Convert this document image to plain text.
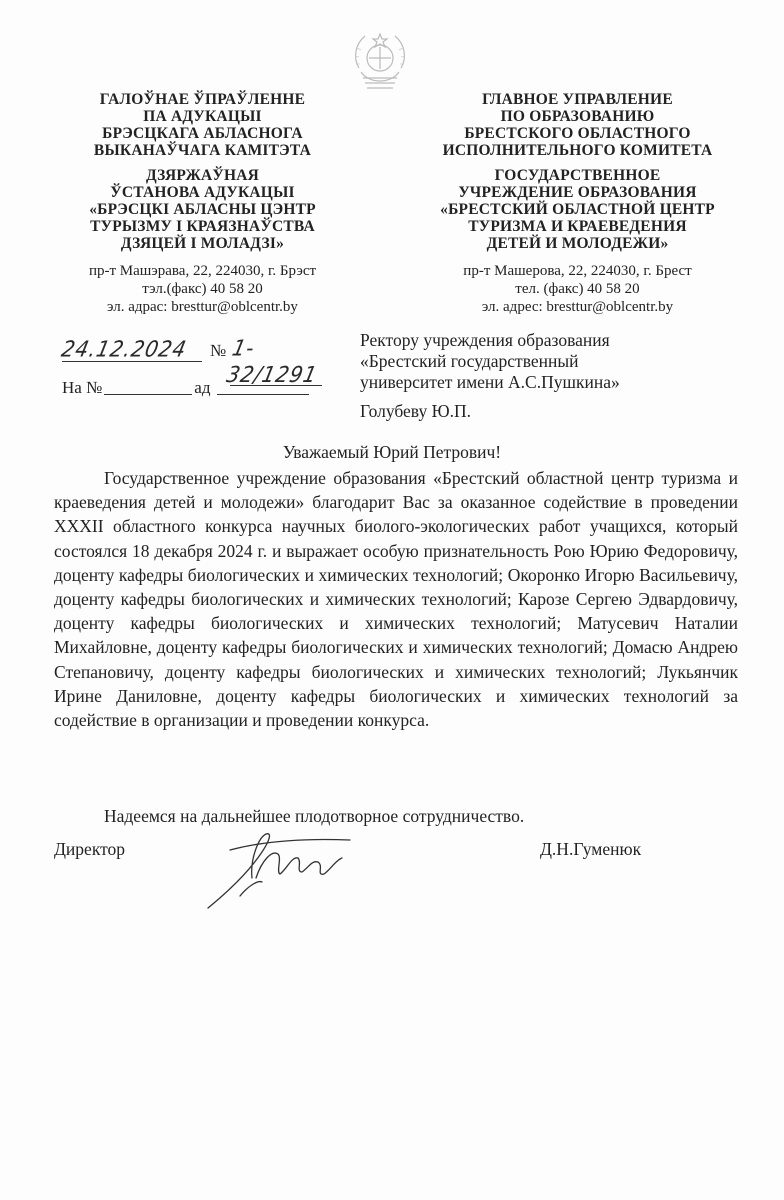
ГАЛОЎНАЕ ЎПРАЎЛЕННЕ
ПА АДУКАЦЫІ
БРЭСЦКАГА АБЛАСНОГА
ВЫКАНАЎЧАГА КАМІТЭТА
ДЗЯРЖАЎНАЯ
ЎСТАНОВА АДУКАЦЫІ
«БРЭСЦКІ АБЛАСНЫ ЦЭНТР
ТУРЫЗМУ І КРАЯЗНАЎСТВА
ДЗЯЦЕЙ І МОЛАДЗІ»
пр-т Машэрава, 22, 224030, г. Брэст
тэл.(факс) 40 58 20
эл. адрас: bresttur@oblcentr.by
ГЛАВНОЕ УПРАВЛЕНИЕ
ПО ОБРАЗОВАНИЮ
БРЕСТСКОГО ОБЛАСТНОГО
ИСПОЛНИТЕЛЬНОГО КОМИТЕТА
ГОСУДАРСТВЕННОЕ
УЧРЕЖДЕНИЕ ОБРАЗОВАНИЯ
«БРЕСТСКИЙ ОБЛАСТНОЙ ЦЕНТР
ТУРИЗМА И КРАЕВЕДЕНИЯ
ДЕТЕЙ И МОЛОДЕЖИ»
пр-т Машерова, 22, 224030, г. Брест
тел. (факс) 40 58 20
эл. адрес: bresttur@oblcentr.by
24.12.2024	№ 1-32/1291
На №	ад
Ректору учреждения образования
«Брестский государственный
университет имени А.С.Пушкина»
Голубеву Ю.П.
Уважаемый Юрий Петрович!
Государственное учреждение образования «Брестский областной центр туризма и краеведения детей и молодежи» благодарит Вас за оказанное содействие в проведении XXXII областного конкурса научных биолого-экологических работ учащихся, который состоялся 18 декабря 2024 г. и выражает особую признательность Рою Юрию Федоровичу, доценту кафедры биологических и химических технологий; Окоронко Игорю Васильевичу, доценту кафедры биологических и химических технологий; Карозе Сергею Эдвардовичу, доценту кафедры биологических и химических технологий; Матусевич Наталии Михайловне, доценту кафедры биологических и химических технологий; Домасю Андрею Степановичу, доценту кафедры биологических и химических технологий; Лукьянчик Ирине Даниловне, доценту кафедры биологических и химических технологий за содействие в организации и проведении конкурса.
Надеемся на дальнейшее плодотворное сотрудничество.
Директор	Д.Н.Гуменюк
